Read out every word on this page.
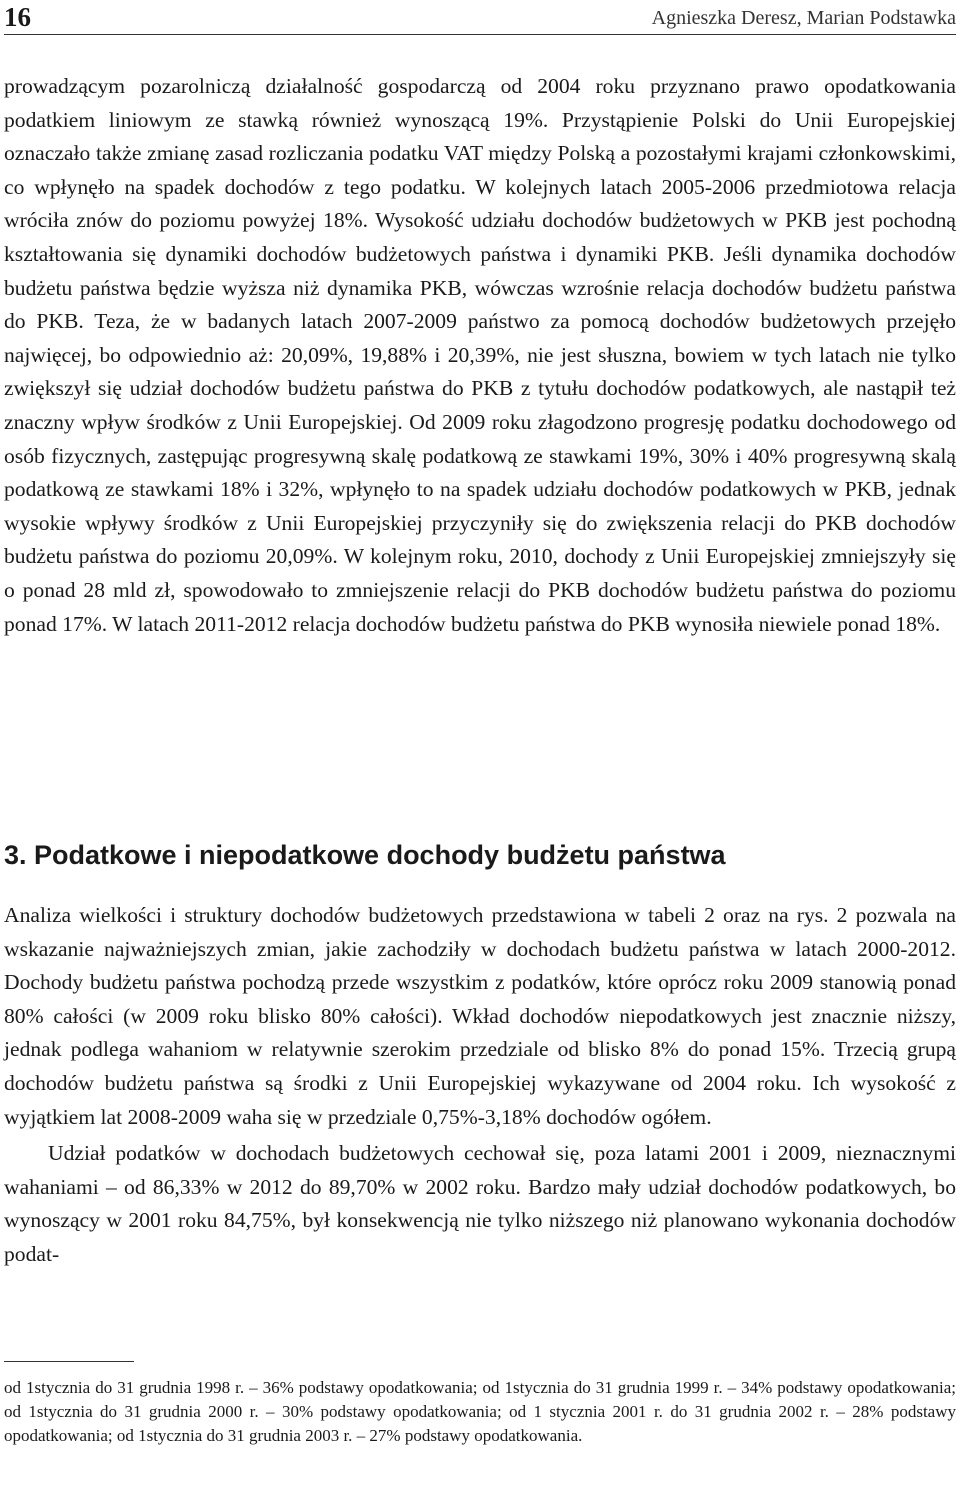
16	Agnieszka Deresz, Marian Podstawka

prowadzącym pozarolniczą działalność gospodarczą od 2004 roku przyznano prawo opodatkowania podatkiem liniowym ze stawką również wynoszącą 19%. Przystąpienie Polski do Unii Europejskiej oznaczało także zmianę zasad rozliczania podatku VAT między Polską a pozostałymi krajami członkowskimi, co wpłynęło na spadek dochodów z tego podatku. W kolejnych latach 2005-2006 przedmiotowa relacja wróciła znów do poziomu powyżej 18%. Wysokość udziału dochodów budżetowych w PKB jest pochodną kształtowania się dynamiki dochodów budżetowych państwa i dynamiki PKB. Jeśli dynamika dochodów budżetu państwa będzie wyższa niż dynamika PKB, wówczas wzrośnie relacja dochodów budżetu państwa do PKB. Teza, że w badanych latach 2007-2009 państwo za pomocą dochodów budżetowych przejęło najwięcej, bo odpowiednio aż: 20,09%, 19,88% i 20,39%, nie jest słuszna, bowiem w tych latach nie tylko zwiększył się udział dochodów budżetu państwa do PKB z tytułu dochodów podatkowych, ale nastąpił też znaczny wpływ środków z Unii Europejskiej. Od 2009 roku złagodzono progresję podatku dochodowego od osób fizycznych, zastępując progresywną skalę podatkową ze stawkami 19%, 30% i 40% progresywną skalą podatkową ze stawkami 18% i 32%, wpłynęło to na spadek udziału dochodów podatkowych w PKB, jednak wysokie wpływy środków z Unii Europejskiej przyczyniły się do zwiększenia relacji do PKB dochodów budżetu państwa do poziomu 20,09%. W kolejnym roku, 2010, dochody z Unii Europejskiej zmniejszyły się o ponad 28 mld zł, spowodowało to zmniejszenie relacji do PKB dochodów budżetu państwa do poziomu ponad 17%. W latach 2011-2012 relacja dochodów budżetu państwa do PKB wynosiła niewiele ponad 18%.

3. Podatkowe i niepodatkowe dochody budżetu państwa

Analiza wielkości i struktury dochodów budżetowych przedstawiona w tabeli 2 oraz na rys. 2 pozwala na wskazanie najważniejszych zmian, jakie zachodziły w dochodach budżetu państwa w latach 2000-2012. Dochody budżetu państwa pochodzą przede wszystkim z podatków, które oprócz roku 2009 stanowią ponad 80% całości (w 2009 roku blisko 80% całości). Wkład dochodów niepodatkowych jest znacznie niższy, jednak podlega wahaniom w relatywnie szerokim przedziale od blisko 8% do ponad 15%. Trzecią grupą dochodów budżetu państwa są środki z Unii Europejskiej wykazywane od 2004 roku. Ich wysokość z wyjątkiem lat 2008-2009 waha się w przedziale 0,75%-3,18% dochodów ogółem.

Udział podatków w dochodach budżetowych cechował się, poza latami 2001 i 2009, nieznacznymi wahaniami – od 86,33% w 2012 do 89,70% w 2002 roku. Bardzo mały udział dochodów podatkowych, bo wynoszący w 2001 roku 84,75%, był konsekwencją nie tylko niższego niż planowano wykonania dochodów podat-

od 1stycznia do 31 grudnia 1998 r. – 36% podstawy opodatkowania; od 1stycznia do 31 grudnia 1999 r. – 34% podstawy opodatkowania; od 1stycznia do 31 grudnia 2000 r. – 30% podstawy opodatkowania; od 1 stycznia 2001 r. do 31 grudnia 2002 r. – 28% podstawy opodatkowania; od 1stycznia do 31 grudnia 2003 r. – 27% podstawy opodatkowania.
